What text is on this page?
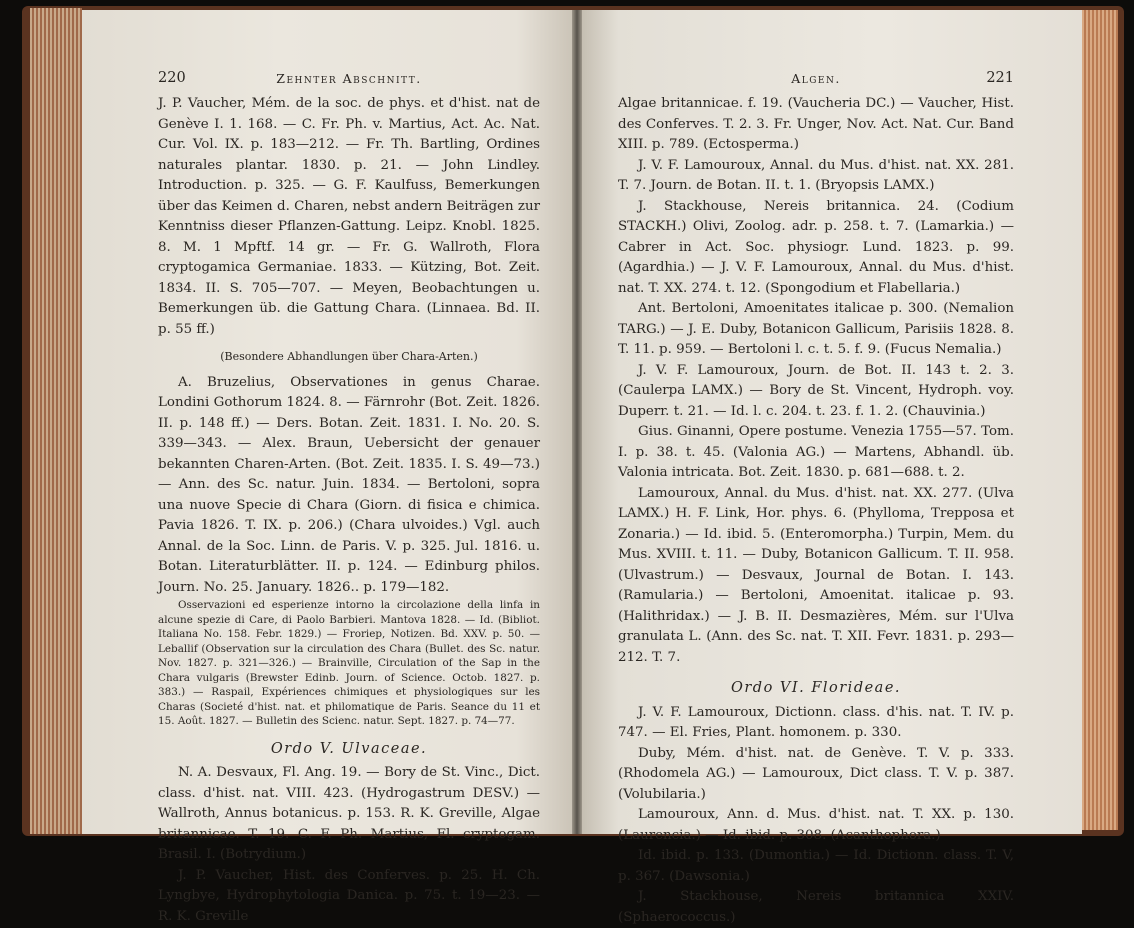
220	Zehnter Abschnitt.

J. P. Vaucher, Mém. de la soc. de phys. et d'hist. nat de Genève I. 1. 168. — C. Fr. Ph. v. Martius, Act. Ac. Nat. Cur. Vol. IX. p. 183—212. — Fr. Th. Bartling, Ordines naturales plantar. 1830. p. 21. — John Lindley. Introduction. p. 325. — G. F. Kaulfuss, Bemerkungen über das Keimen d. Charen, nebst andern Beiträgen zur Kenntniss dieser Pflanzen-Gattung. Leipz. Knobl. 1825. 8. M. 1 Mpftf. 14 gr. — Fr. G. Wallroth, Flora cryptogamica Germaniae. 1833. — Kützing, Bot. Zeit. 1834. II. S. 705—707. — Meyen, Beobachtungen u. Bemerkungen üb. die Gattung Chara. (Linnaea. Bd. II. p. 55 ff.)

(Besondere Abhandlungen über Chara-Arten.)

A. Bruzelius, Observationes in genus Charae. Londini Gothorum 1824. 8. — Färnrohr (Bot. Zeit. 1826. II. p. 148 ff.) — Ders. Botan. Zeit. 1831. I. No. 20. S. 339—343. — Alex. Braun, Uebersicht der genauer bekannten Charen-Arten. (Bot. Zeit. 1835. I. S. 49—73.) — Ann. des Sc. natur. Juin. 1834. — Bertoloni, sopra una nuove Specie di Chara (Giorn. di fisica e chimica. Pavia 1826. T. IX. p. 206.) (Chara ulvoides.) Vgl. auch Annal. de la Soc. Linn. de Paris. V. p. 325. Jul. 1816. u. Botan. Literaturblätter. II. p. 124. — Edinburg philos. Journ. No. 25. January. 1826.. p. 179—182.

Osservazioni ed esperienze intorno la circolazione della linfa in alcune spezie di Care, di Paolo Barbieri. Mantova 1828. — Id. (Bibliot. Italiana No. 158. Febr. 1829.) — Froriep, Notizen. Bd. XXV. p. 50. — Leballif (Observation sur la circulation des Chara (Bullet. des Sc. natur. Nov. 1827. p. 321—326.) — Brainville, Circulation of the Sap in the Chara vulgaris (Brewster Edinb. Journ. of Science. Octob. 1827. p. 383.) — Raspail, Expériences chimiques et physiologiques sur les Charas (Societé d'hist. nat. et philomatique de Paris. Seance du 11 et 15. Août. 1827. — Bulletin des Scienc. natur. Sept. 1827. p. 74—77.

Ordo V. Ulvaceae.

N. A. Desvaux, Fl. Ang. 19. — Bory de St. Vinc., Dict. class. d'hist. nat. VIII. 423. (Hydrogastrum DESV.) — Wallroth, Annus botanicus. p. 153. R. K. Greville, Algae britannicae. T. 19. C. F. Ph. Martius, Fl. cryptogam. Brasil. I. (Botrydium.)

J. P. Vaucher, Hist. des Conferves. p. 25. H. Ch. Lyngbye, Hydrophytologia Danica. p. 75. t. 19—23. — R. K. Greville

Algen.	221

Algae britannicae. f. 19. (Vaucheria DC.) — Vaucher, Hist. des Conferves. T. 2. 3. Fr. Unger, Nov. Act. Nat. Cur. Band XIII. p. 789. (Ectosperma.)

J. V. F. Lamouroux, Annal. du Mus. d'hist. nat. XX. 281. T. 7. Journ. de Botan. II. t. 1. (Bryopsis LAMX.)

J. Stackhouse, Nereis britannica. 24. (Codium STACKH.) Olivi, Zoolog. adr. p. 258. t. 7. (Lamarkia.) — Cabrer in Act. Soc. physiogr. Lund. 1823. p. 99. (Agardhia.) — J. V. F. Lamouroux, Annal. du Mus. d'hist. nat. T. XX. 274. t. 12. (Spongodium et Flabellaria.)

Ant. Bertoloni, Amoenitates italicae p. 300. (Nemalion TARG.) — J. E. Duby, Botanicon Gallicum, Parisiis 1828. 8. T. 11. p. 959. — Bertoloni l. c. t. 5. f. 9. (Fucus Nemalia.)

J. V. F. Lamouroux, Journ. de Bot. II. 143 t. 2. 3. (Caulerpa LAMX.) — Bory de St. Vincent, Hydroph. voy. Duperr. t. 21. — Id. l. c. 204. t. 23. f. 1. 2. (Chauvinia.)

Gius. Ginanni, Opere postume. Venezia 1755—57. Tom. I. p. 38. t. 45. (Valonia AG.) — Martens, Abhandl. üb. Valonia intricata. Bot. Zeit. 1830. p. 681—688. t. 2.

Lamouroux, Annal. du Mus. d'hist. nat. XX. 277. (Ulva LAMX.) H. F. Link, Hor. phys. 6. (Phylloma, Trepposa et Zonaria.) — Id. ibid. 5. (Enteromorpha.) Turpin, Mem. du Mus. XVIII. t. 11. — Duby, Botanicon Gallicum. T. II. 958. (Ulvastrum.) — Desvaux, Journal de Botan. I. 143. (Ramularia.) — Bertoloni, Amoenitat. italicae p. 93. (Halithridax.) — J. B. II. Desmazières, Mém. sur l'Ulva granulata L. (Ann. des Sc. nat. T. XII. Fevr. 1831. p. 293—212. T. 7.

Ordo VI. Florideae.

J. V. F. Lamouroux, Dictionn. class. d'his. nat. T. IV. p. 747. — El. Fries, Plant. homonem. p. 330.

Duby, Mém. d'hist. nat. de Genève. T. V. p. 333. (Rhodomela AG.) — Lamouroux, Dict class. T. V. p. 387. (Volubilaria.)

Lamouroux, Ann. d. Mus. d'hist. nat. T. XX. p. 130. (Laurencia.) — Id. ibid. p. 308. (Acanthophora.)

Id. ibid. p. 133. (Dumontia.) — Id. Dictionn. class. T. V, p. 367. (Dawsonia.)

J. Stackhouse, Nereis britannica XXIV. (Sphaerococcus.)
